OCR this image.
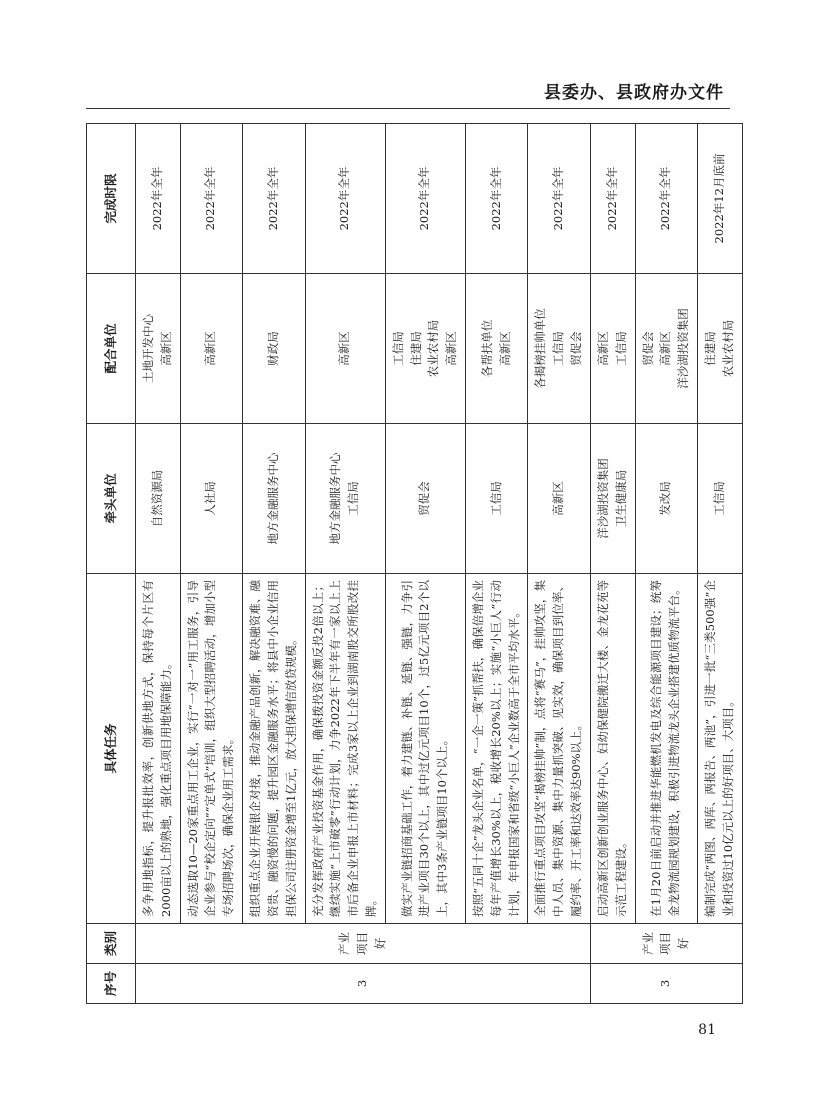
县委办、县政府办文件
序号	类别	具体任务	牵头单位	配合单位	完成时限
3	产业项目好	多争用地指标，提升报批效率，创新供地方式，保持每个片区有2000亩以上的熟地，强化重点项目用地保障能力。	自然资源局	土地开发中心 高新区	2022年全年
		动态选取10—20家重点用工企业，实行“一对一”用工服务，引导企业参与“校企定向”“定单式”培训，组织大型招聘活动，增加小型专场招聘场次，确保企业用工需求。	人社局	高新区	2022年全年
		组织重点企业开展银企对接，推动金融产品创新，解决融资难、融资贵、融资慢的问题，提升园区金融服务水平；将县中小企业信用担保公司注册资金增至1亿元，放大担保增信放贷规模。	地方金融服务中心	财政局	2022年全年
		充分发挥政府产业投资基金作用，确保拨投资金额反投2倍以上；继续实施“上市破零”行动计划，力争2022年下半年有一家以上上市后备企业申报上市材料；完成3家以上企业到湖南股交所股改挂牌。	地方金融服务中心 工信局	高新区	2022年全年
		做实产业链招商基础工作，着力建链、补链、延链、强链，力争引进产业项目30个以上，其中过亿元项目10个，过5亿元项目2个以上，其中3条产业链项目10个以上。	贸促会	工信局 住建局 农业农村局 高新区	2022年全年
		按照“五同十企”龙头企业名单，“一企一策”抓帮扶，确保倍增企业每年产值增长30%以上，税收增长20%以上；实施“小巨人”行动计划，年申报国家和省级“小巨人”企业数高于全市平均水平。	工信局	各帮扶单位 高新区	2022年全年
		全面推行重点项目攻坚“揭榜挂帅”制，点将“赛马”，挂帅攻坚，集中人员、集中资源、集中力量抓突破、见实效，确保项目到位率、履约率、开工率和达效率达90%以上。	高新区	各揭榜挂帅单位 工信局 贸促会	2022年全年
3	产业项目好	启动高新区创新创业服务中心、妇幼保健院搬迁大楼、金龙花苑等示范工程建设。	洋沙湖投资集团 卫生健康局	高新区 工信局	2022年全年
		在1月20日前启动并推进华能燃机发电及综合能源项目建设；统筹金龙物流园规划建设，积极引进物流龙头企业搭建优质物流平台。	发改局	贸促会 高新区 洋沙湖投资集团	2022年全年
		编制完成“两图、两库、两报告、两池”，引进一批“三类500强”企业和投资过10亿元以上的好项目、大项目。	工信局	住建局 农业农村局	2022年12月底前
81
